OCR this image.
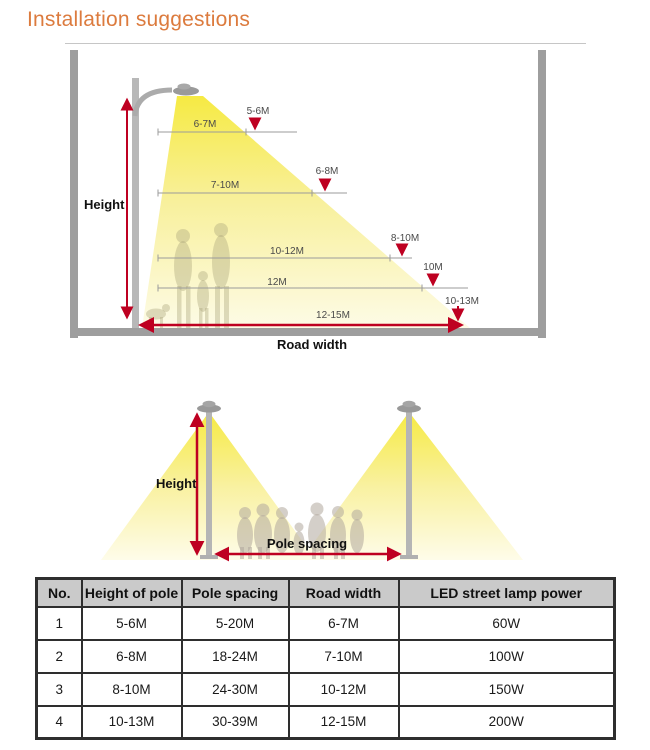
Installation suggestions
Height
6-7M
5-6M
7-10M
6-8M
10-12M
8-10M
12M
10M
12-15M
10-13M
Road width
Height
Pole spacing
No.	Height of pole	Pole spacing	Road width	LED street lamp power
1	5-6M	5-20M	6-7M	60W
2	6-8M	18-24M	7-10M	100W
3	8-10M	24-30M	10-12M	150W
4	10-13M	30-39M	12-15M	200W
